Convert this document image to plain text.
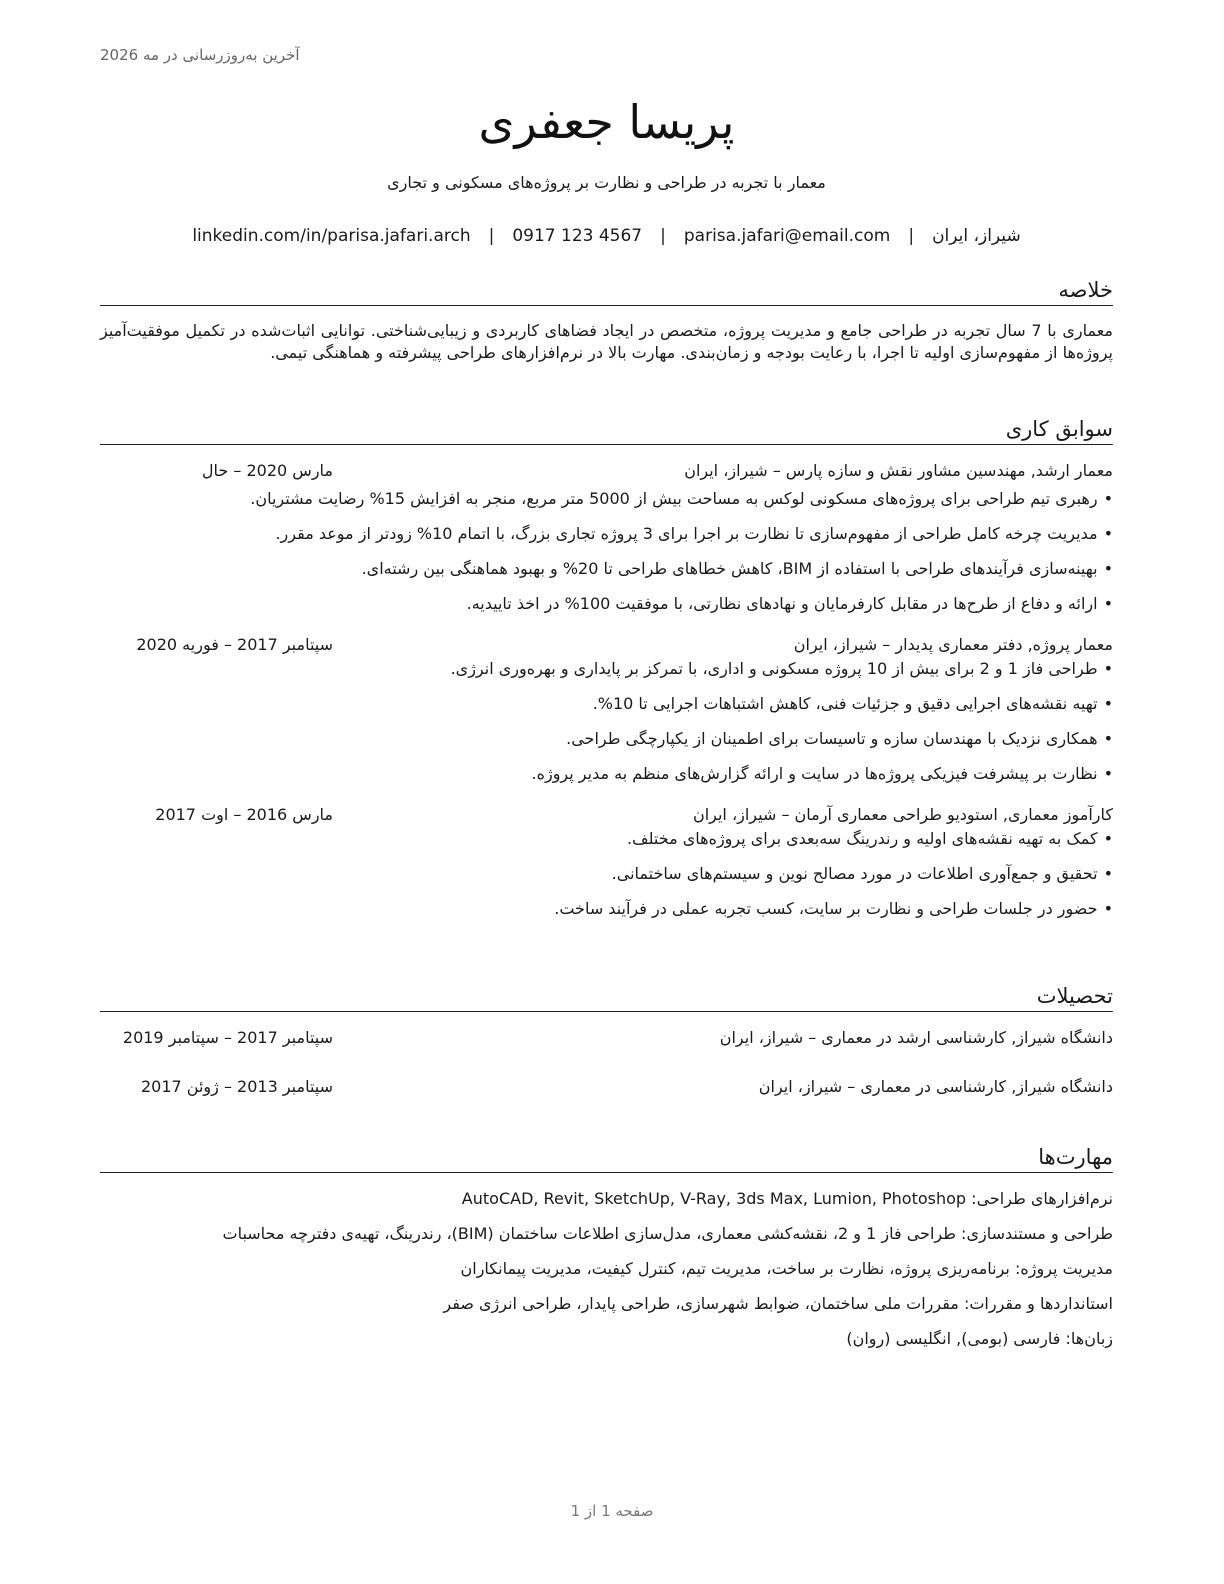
آخرین به‌روزرسانی در مه 2026
پریسا جعفری
معمار با تجربه در طراحی و نظارت بر پروژه‌های مسکونی و تجاری
شیراز، ایران
|
parisa.jafari@email.com
|
0917 123 4567
|
linkedin.com/in/parisa.jafari.arch
خلاصه
معماری با 7 سال تجربه در طراحی جامع و مدیریت پروژه، متخصص در ایجاد فضاهای کاربردی و زیبایی‌شناختی. توانایی اثبات‌شده در تکمیل موفقیت‌آمیز پروژه‌ها از مفهوم‌سازی اولیه تا اجرا، با رعایت بودجه و زمان‌بندی. مهارت بالا در نرم‌افزارهای طراحی پیشرفته و هماهنگی تیمی.
سوابق کاری
معمار ارشد, مهندسین مشاور نقش و سازه پارس – شیراز، ایران
مارس 2020 – حال
•رهبری تیم طراحی برای پروژه‌های مسکونی لوکس به مساحت بیش از 5000 متر مربع، منجر به افزایش 15% رضایت مشتریان.
•مدیریت چرخه کامل طراحی از مفهوم‌سازی تا نظارت بر اجرا برای 3 پروژه تجاری بزرگ، با اتمام 10% زودتر از موعد مقرر.
•بهینه‌سازی فرآیندهای طراحی با استفاده از BIM، کاهش خطاهای طراحی تا 20% و بهبود هماهنگی بین رشته‌ای.
•ارائه و دفاع از طرح‌ها در مقابل کارفرمایان و نهادهای نظارتی، با موفقیت 100% در اخذ تاییدیه.
معمار پروژه, دفتر معماری پدیدار – شیراز، ایران
سپتامبر 2017 – فوریه 2020
•طراحی فاز 1 و 2 برای بیش از 10 پروژه مسکونی و اداری، با تمرکز بر پایداری و بهره‌وری انرژی.
•تهیه نقشه‌های اجرایی دقیق و جزئیات فنی، کاهش اشتباهات اجرایی تا 10%.
•همکاری نزدیک با مهندسان سازه و تاسیسات برای اطمینان از یکپارچگی طراحی.
•نظارت بر پیشرفت فیزیکی پروژه‌ها در سایت و ارائه گزارش‌های منظم به مدیر پروژه.
کارآموز معماری, استودیو طراحی معماری آرمان – شیراز، ایران
مارس 2016 – اوت 2017
•کمک به تهیه نقشه‌های اولیه و رندرینگ سه‌بعدی برای پروژه‌های مختلف.
•تحقیق و جمع‌آوری اطلاعات در مورد مصالح نوین و سیستم‌های ساختمانی.
•حضور در جلسات طراحی و نظارت بر سایت، کسب تجربه عملی در فرآیند ساخت.
تحصیلات
دانشگاه شیراز, کارشناسی ارشد در معماری – شیراز، ایران
سپتامبر 2017 – سپتامبر 2019
دانشگاه شیراز, کارشناسی در معماری – شیراز، ایران
سپتامبر 2013 – ژوئن 2017
مهارت‌ها
نرم‌افزارهای طراحی: AutoCAD, Revit, SketchUp, V-Ray, 3ds Max, Lumion, Photoshop
طراحی و مستندسازی: طراحی فاز 1 و 2، نقشه‌کشی معماری، مدل‌سازی اطلاعات ساختمان (BIM)، رندرینگ، تهیه‌ی دفترچه محاسبات
مدیریت پروژه: برنامه‌ریزی پروژه، نظارت بر ساخت، مدیریت تیم، کنترل کیفیت، مدیریت پیمانکاران
استانداردها و مقررات: مقررات ملی ساختمان، ضوابط شهرسازی، طراحی پایدار، طراحی انرژی صفر
زبان‌ها: فارسی (بومی), انگلیسی (روان)
صفحه 1 از 1
